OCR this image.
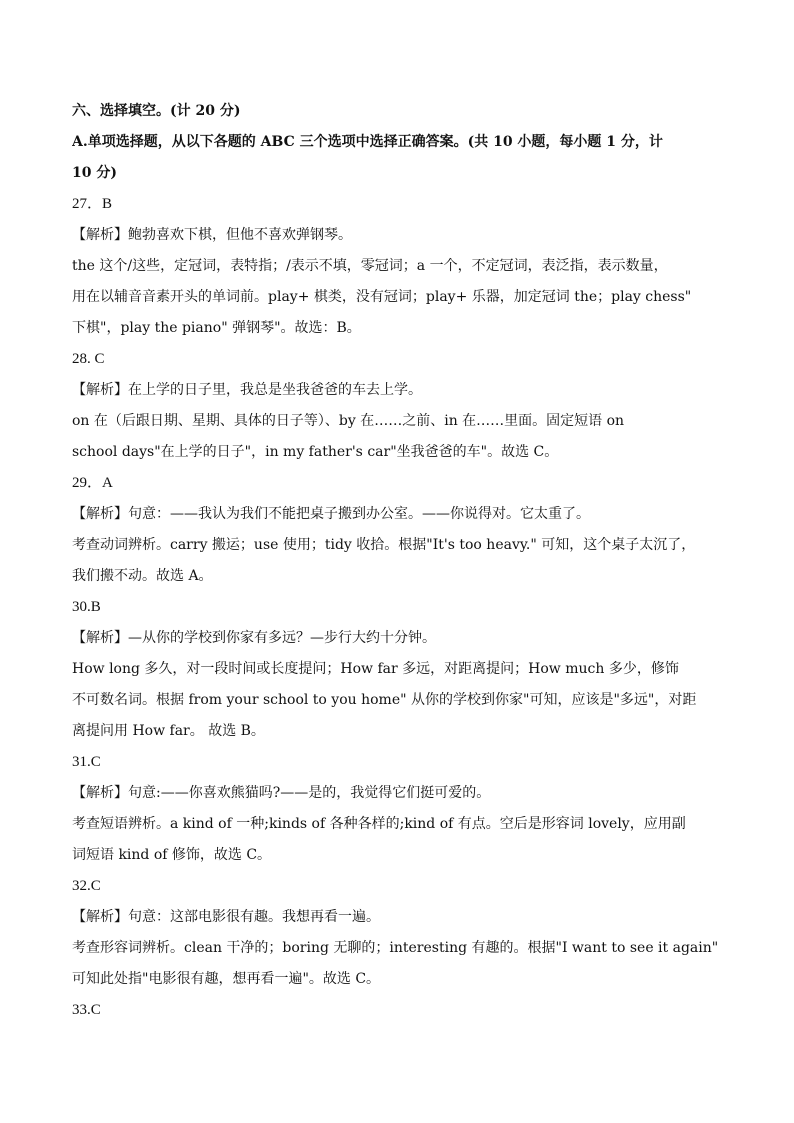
六、选择填空。(计 20 分)
A.单项选择题，从以下各题的 ABC 三个选项中选择正确答案。(共 10 小题，每小题 1 分，计
10 分)
27．B
【解析】鲍勃喜欢下棋，但他不喜欢弹钢琴。
the 这个/这些，定冠词，表特指；/表示不填，零冠词；a 一个，不定冠词，表泛指，表示数量，
用在以辅音音素开头的单词前。play+ 棋类，没有冠词；play+ 乐器，加定冠词 the；play chess"
下棋"，play the piano" 弹钢琴"。故选：B。
28. C
【解析】在上学的日子里，我总是坐我爸爸的车去上学。
on 在（后跟日期、星期、具体的日子等）、by 在……之前、in 在……里面。固定短语 on
school days"在上学的日子"，in my father's car"坐我爸爸的车"。故选 C。
29．A
【解析】句意：——我认为我们不能把桌子搬到办公室。——你说得对。它太重了。
考查动词辨析。carry 搬运；use 使用；tidy 收拾。根据"It's too heavy." 可知，这个桌子太沉了，
我们搬不动。故选 A。
30.B
【解析】—从你的学校到你家有多远？—步行大约十分钟。
How long 多久，对一段时间或长度提问；How far 多远，对距离提问；How much 多少，修饰
不可数名词。根据 from your school to you home" 从你的学校到你家"可知，应该是"多远"，对距
离提问用 How far。 故选 B。
31.C
【解析】句意:——你喜欢熊猫吗?——是的，我觉得它们挺可爱的。
考查短语辨析。a kind of 一种;kinds of 各种各样的;kind of 有点。空后是形容词 lovely，应用副
词短语 kind of 修饰，故选 C。
32.C
【解析】句意：这部电影很有趣。我想再看一遍。
考查形容词辨析。clean 干净的；boring 无聊的；interesting 有趣的。根据"I want to see it again"
可知此处指"电影很有趣，想再看一遍"。故选 C。
33.C
